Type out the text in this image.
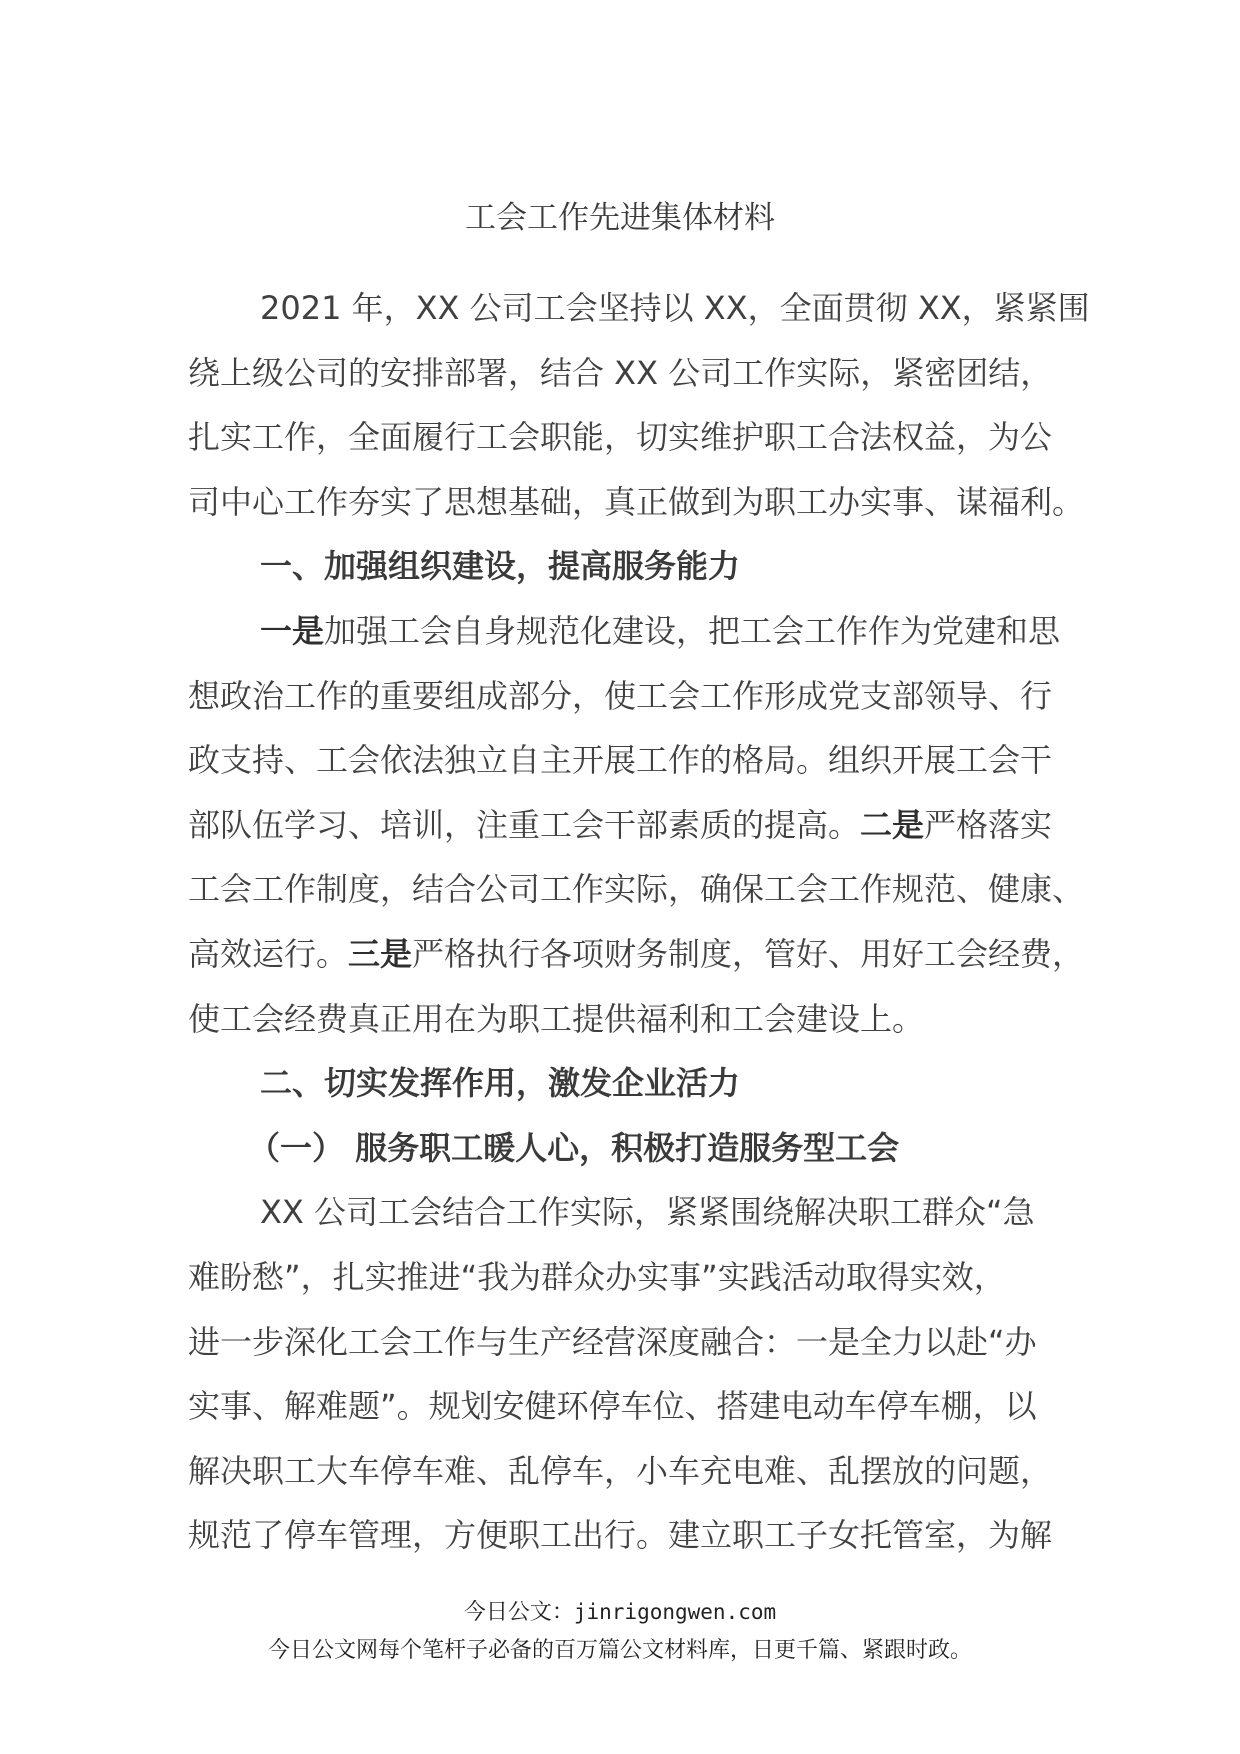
工会工作先进集体材料
2021 年，XX 公司工会坚持以 XX，全面贯彻 XX，紧紧围
绕上级公司的安排部署，结合 XX 公司工作实际，紧密团结，
扎实工作，全面履行工会职能，切实维护职工合法权益，为公
司中心工作夯实了思想基础，真正做到为职工办实事、谋福利。
一、加强组织建设，提高服务能力
一是加强工会自身规范化建设，把工会工作作为党建和思
想政治工作的重要组成部分，使工会工作形成党支部领导、行
政支持、工会依法独立自主开展工作的格局。组织开展工会干
部队伍学习、培训，注重工会干部素质的提高。二是严格落实
工会工作制度，结合公司工作实际，确保工会工作规范、健康、
高效运行。三是严格执行各项财务制度，管好、用好工会经费，
使工会经费真正用在为职工提供福利和工会建设上。
二、切实发挥作用，激发企业活力
（一） 服务职工暖人心，积极打造服务型工会
XX 公司工会结合工作实际，紧紧围绕解决职工群众“急
难盼愁”，扎实推进“我为群众办实事”实践活动取得实效，
进一步深化工会工作与生产经营深度融合：一是全力以赴“办
实事、解难题”。规划安健环停车位、搭建电动车停车棚，以
解决职工大车停车难、乱停车，小车充电难、乱摆放的问题，
规范了停车管理，方便职工出行。建立职工子女托管室，为解
今日公文：jinrigongwen.com
今日公文网每个笔杆子必备的百万篇公文材料库，日更千篇、紧跟时政。
